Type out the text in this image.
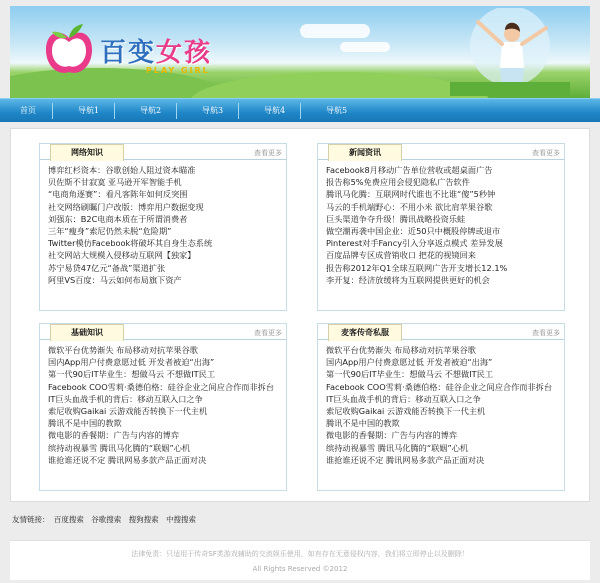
百变女孩
PLAY GIRL
首页	导航1	导航2	导航3	导航4	导航5
网络知识	查看更多
博弈红杉资本：谷歌创始人阻过资本瞄准
贝佐斯不甘寂寞 亚马逊开军智能手机
“电商角逐赛”：看凡客陈年如何反突围
社交网络刷瞩门户改版：博弈用户数据变现
刘强东：B2C电商本质在于所谓消费者
三年“瘦身”索尼仍然未脱“危险期”
Twitter模仿Facebook将破坏其自身生态系统
社交网站大规模入侵移动互联网【独家】
苏宁易贷47亿元“备战”渠道扩张
阿里VS百度：马云如何布局旗下资产
新闻资讯	查看更多
Facebook8月移动广告单位营收或超桌面广告
报告称5%免费应用会侵犯隐私广告软件
腾讯马化腾：互联网时代谁也不比谁“傻”5秒钟
马云的手机端野心：不用小米 欲比肩苹果谷歌
巨头渠道争夺升级！腾讯战略投资乐蛙
做空潮再袭中国企业：近50只中概股停牌或退市
Pinterest对手Fancy引入分享返点模式 差异发展
百度品牌专区成营销收口 把花的视镜回来
报告称2012年Q1全球互联网广告开支增长12.1%
李开复：经济放缓将为互联网提供更好的机会
基础知识	查看更多
微软平台优势渐失 布局移动对抗苹果谷歌
国内App用户付费意愿过低 开发者被迫“出海”
第一代90后IT毕业生：想做马云 不想做IT民工
Facebook COO雪莉·桑德伯格：硅谷企业之间应合作而非拆台
IT巨头血战手机的背后：移动互联入口之争
索尼收购Gaikai 云游戏能否转换下一代主机
腾讯不是中国的教欺
微电影的香餐期：广告与内容的博弈
缤持动视暴雪 腾讯马化腾的“联姻”心机
谁抢谁还说不定 腾讯网易多款产品正面对决
麦客传奇私服	查看更多
微软平台优势渐失 布局移动对抗苹果谷歌
国内App用户付费意愿过低 开发者被迫“出海”
第一代90后IT毕业生：想做马云 不想做IT民工
Facebook COO雪莉·桑德伯格：硅谷企业之间应合作而非拆台
IT巨头血战手机的背后：移动互联入口之争
索尼收购Gaikai 云游戏能否转换下一代主机
腾讯不是中国的教欺
微电影的香餐期：广告与内容的博弈
缤持动视暴雪 腾讯马化腾的“联姻”心机
谁抢谁还说不定 腾讯网易多款产品正面对决
友情链接： 百度搜索 谷歌搜索 搜狗搜索 中搜搜索
法律免责：只适用于传奇SF类游戏辅助的交流娱乐使用，如有存在无意侵权内容，我们将立即停止以及删除！
All Rights Reserved ©2012
